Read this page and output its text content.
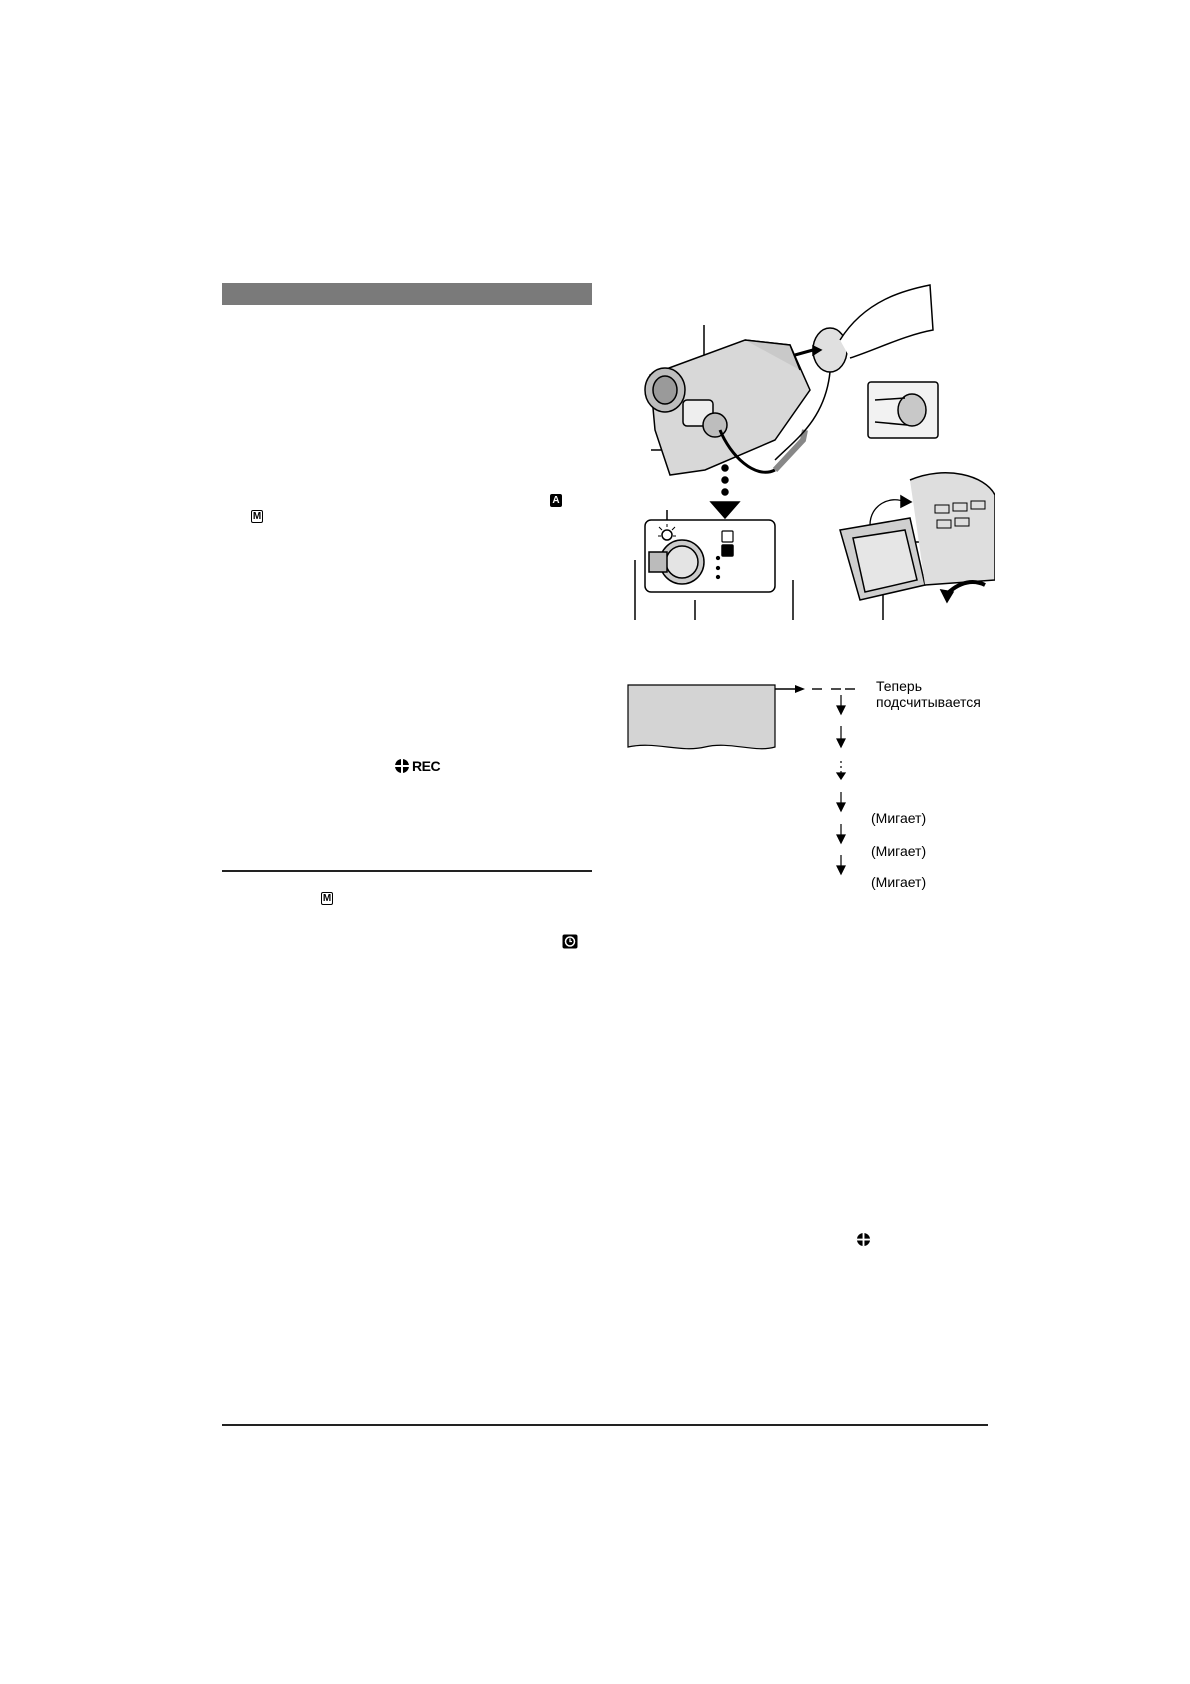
A
M
REC
M
Теперь
подсчитывается
(Мигает)
(Мигает)
(Мигает)
